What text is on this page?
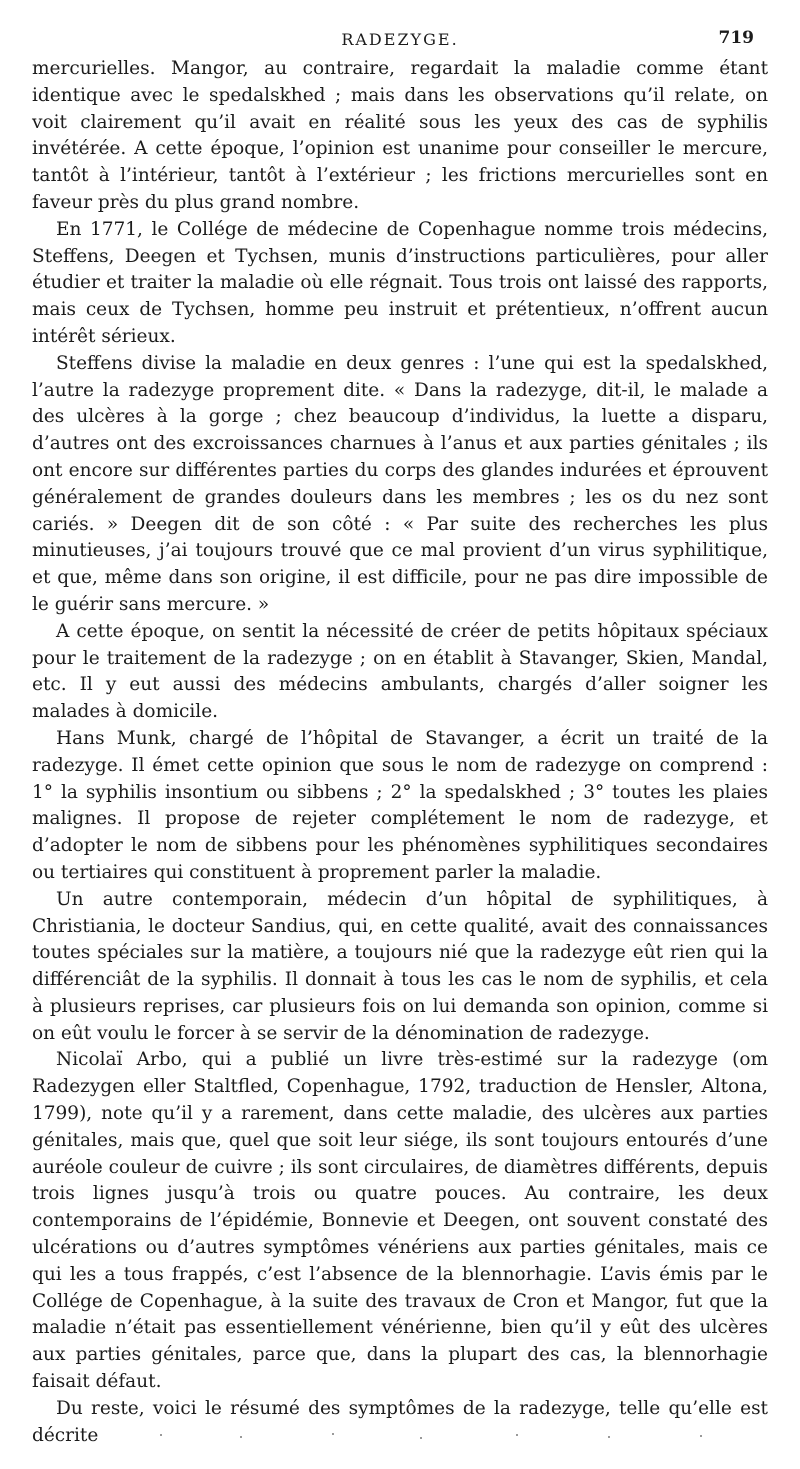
RADEZYGE.	719

mercurielles. Mangor, au contraire, regardait la maladie comme étant identique avec le spedalskhed ; mais dans les observations qu’il relate, on voit clairement qu’il avait en réalité sous les yeux des cas de syphilis invétérée. A cette époque, l’opinion est unanime pour conseiller le mercure, tantôt à l’intérieur, tantôt à l’extérieur ; les frictions mercurielles sont en faveur près du plus grand nombre.

En 1771, le Collége de médecine de Copenhague nomme trois médecins, Steffens, Deegen et Tychsen, munis d’instructions particulières, pour aller étudier et traiter la maladie où elle régnait. Tous trois ont laissé des rapports, mais ceux de Tychsen, homme peu instruit et prétentieux, n’offrent aucun intérêt sérieux.

Steffens divise la maladie en deux genres : l’une qui est la spedalskhed, l’autre la radezyge proprement dite. « Dans la radezyge, dit-il, le malade a des ulcères à la gorge ; chez beaucoup d’individus, la luette a disparu, d’autres ont des excroissances charnues à l’anus et aux parties génitales ; ils ont encore sur différentes parties du corps des glandes indurées et éprouvent généralement de grandes douleurs dans les membres ; les os du nez sont cariés. » Deegen dit de son côté : « Par suite des recherches les plus minutieuses, j’ai toujours trouvé que ce mal provient d’un virus syphilitique, et que, même dans son origine, il est difficile, pour ne pas dire impossible de le guérir sans mercure. »

A cette époque, on sentit la nécessité de créer de petits hôpitaux spéciaux pour le traitement de la radezyge ; on en établit à Stavanger, Skien, Mandal, etc. Il y eut aussi des médecins ambulants, chargés d’aller soigner les malades à domicile.

Hans Munk, chargé de l’hôpital de Stavanger, a écrit un traité de la radezyge. Il émet cette opinion que sous le nom de radezyge on comprend : 1° la syphilis insontium ou sibbens ; 2° la spedalskhed ; 3° toutes les plaies malignes. Il propose de rejeter complétement le nom de radezyge, et d’adopter le nom de sibbens pour les phénomènes syphilitiques secondaires ou tertiaires qui constituent à proprement parler la maladie.

Un autre contemporain, médecin d’un hôpital de syphilitiques, à Christiania, le docteur Sandius, qui, en cette qualité, avait des connaissances toutes spéciales sur la matière, a toujours nié que la radezyge eût rien qui la différenciât de la syphilis. Il donnait à tous les cas le nom de syphilis, et cela à plusieurs reprises, car plusieurs fois on lui demanda son opinion, comme si on eût voulu le forcer à se servir de la dénomination de radezyge.

Nicolaï Arbo, qui a publié un livre très-estimé sur la radezyge (om Radezygen eller Staltfled, Copenhague, 1792, traduction de Hensler, Altona, 1799), note qu’il y a rarement, dans cette maladie, des ulcères aux parties génitales, mais que, quel que soit leur siége, ils sont toujours entourés d’une auréole couleur de cuivre ; ils sont circulaires, de diamètres différents, depuis trois lignes jusqu’à trois ou quatre pouces. Au contraire, les deux contemporains de l’épidémie, Bonnevie et Deegen, ont souvent constaté des ulcérations ou d’autres symptômes vénériens aux parties génitales, mais ce qui les a tous frappés, c’est l’absence de la blennorhagie. L’avis émis par le Collége de Copenhague, à la suite des travaux de Cron et Mangor, fut que la maladie n’était pas essentiellement vénérienne, bien qu’il y eût des ulcères aux parties génitales, parce que, dans la plupart des cas, la blennorhagie faisait défaut.

Du reste, voici le résumé des symptômes de la radezyge, telle qu’elle est décrite
